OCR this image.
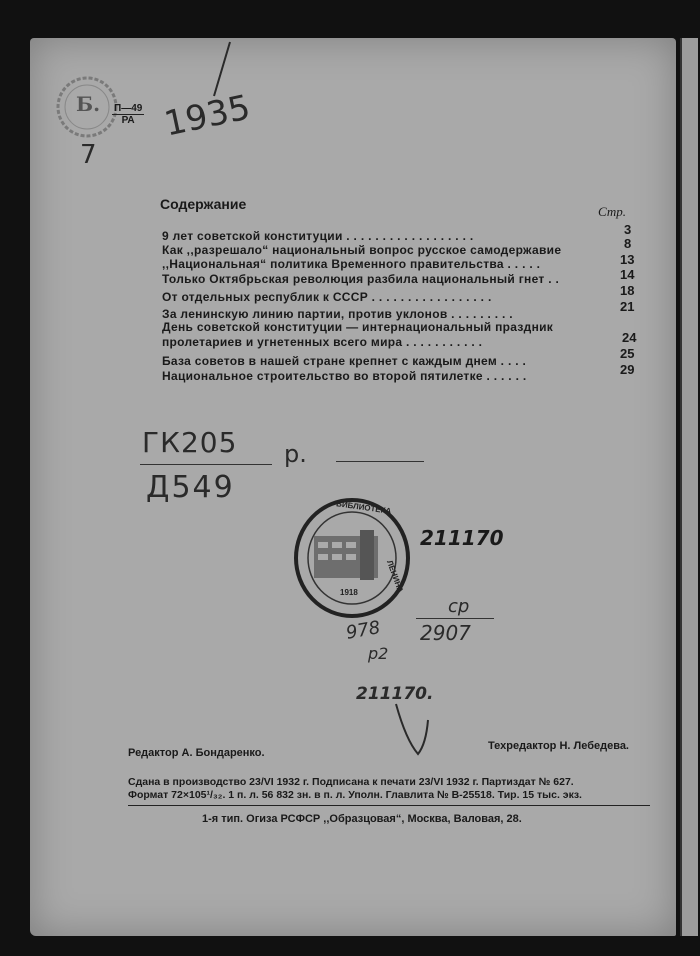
Б. П—49
РА
7
1935
Содержание	Стр.
9 лет советской конституции . . . . . . . . . . . . . . . . . .	3
Как ,,разрешало“ национальный вопрос русское самодержавие	8
,,Национальная“ политика Временного правительства . . . . .	13
Только Октябрьская революция разбила национальный гнет . .	14
От отдельных республик к СССР . . . . . . . . . . . . . . . . .	18
За ленинскую линию партии, против уклонов . . . . . . . . .	21
День советской конституции — интернациональный праздник
пролетариев и угнетенных всего мира . . . . . . . . . . .	24
База советов в нашей стране крепнет с каждым днем . . . .	25
Национальное строительство во второй пятилетке . . . . . .	29
ГК205 р.
Д549
БИБЛИОТЕКА
ЛЕНИНА
1918
211170
ср
2907
978
р2
211170.
Редактор А. Бондаренко.
Техредактор Н. Лебедева.
Сдана в производство 23/VI 1932 г. Подписана к печати 23/VI 1932 г. Партиздат № 627.
Формат 72×105¹/₃₂. 1 п. л. 56 832 зн. в п. л. Уполн. Главлита № В-25518. Тир. 15 тыс. экз.
1-я тип. Огиза РСФСР ,,Образцовая“, Москва, Валовая, 28.
